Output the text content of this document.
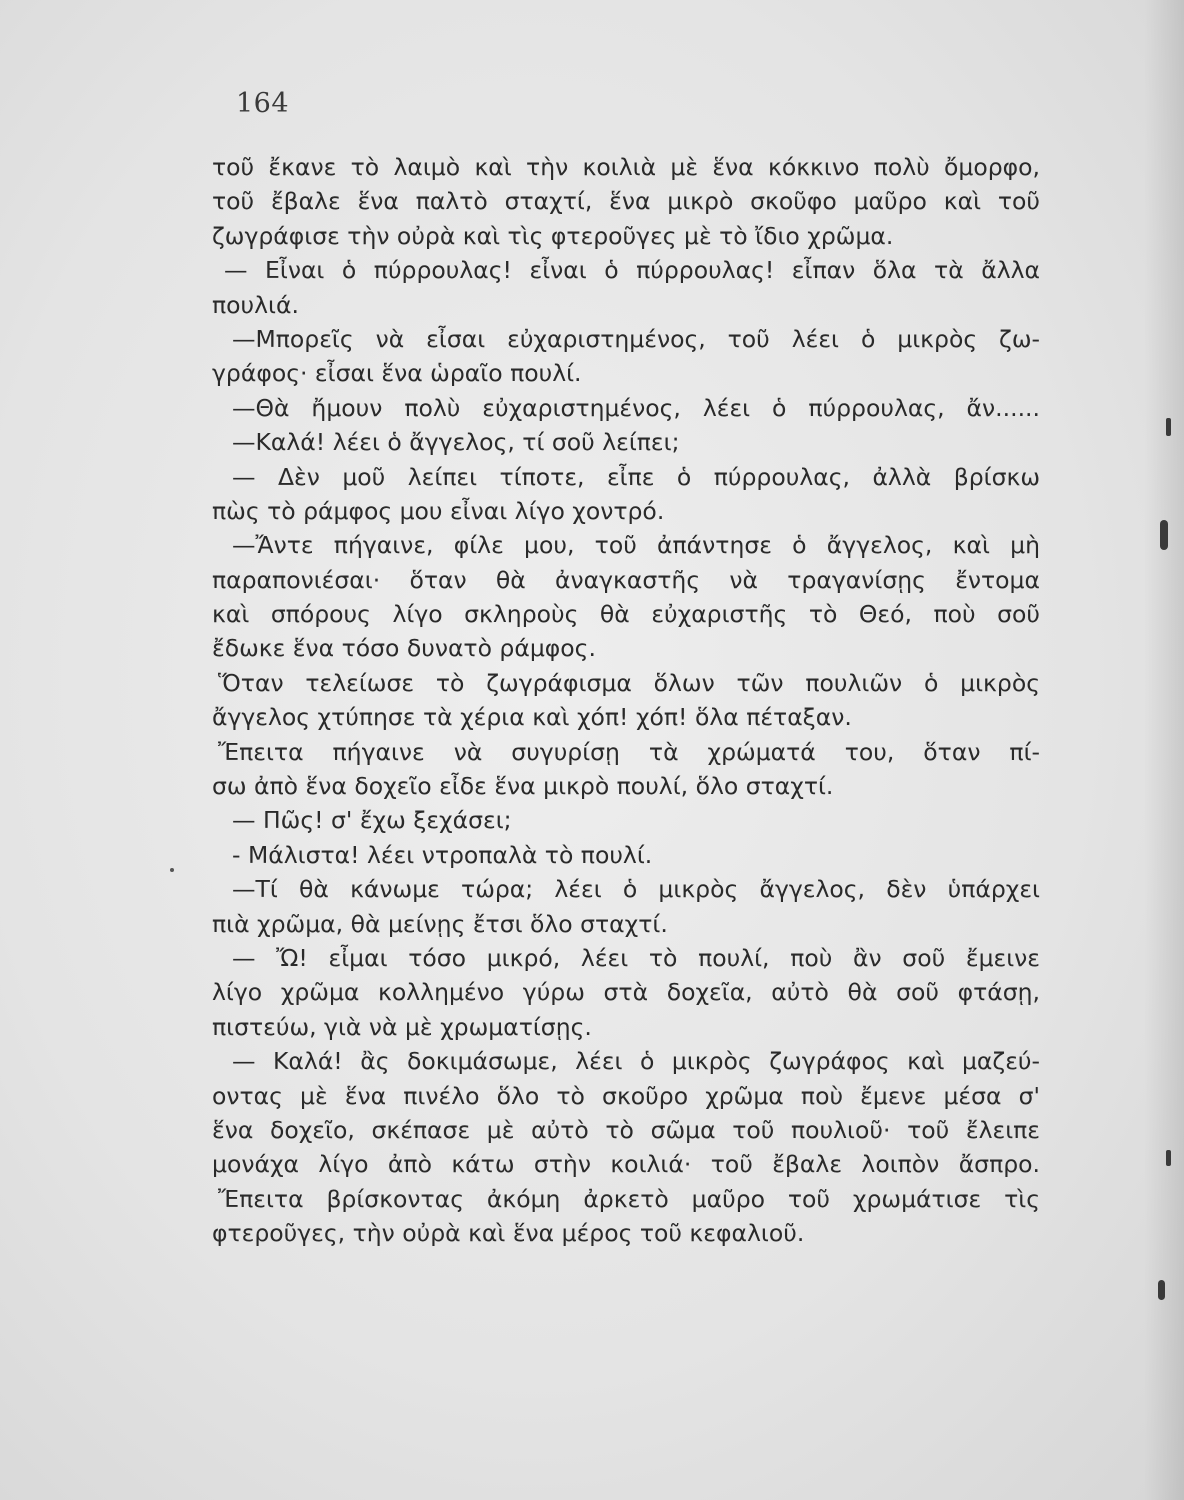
164
τοῦ ἔκανε τὸ λαιμὸ καὶ τὴν κοιλιὰ μὲ ἕνα κόκκινο πολὺ ὄμορφο,
τοῦ ἔβαλε ἕνα παλτὸ σταχτί, ἕνα μικρὸ σκοῦφο μαῦρο καὶ τοῦ
ζωγράφισε τὴν οὐρὰ καὶ τὶς φτεροῦγες μὲ τὸ ἴδιο χρῶμα.
— Εἶναι ὁ πύρρουλας! εἶναι ὁ πύρρουλας! εἶπαν ὅλα τὰ ἄλλα
πουλιά.
—Μπορεῖς νὰ εἶσαι εὐχαριστημένος, τοῦ λέει ὁ μικρὸς ζω-
γράφος· εἶσαι ἕνα ὡραῖο πουλί.
—Θὰ ἤμουν πολὺ εὐχαριστημένος, λέει ὁ πύρρουλας, ἄν......
—Καλά! λέει ὁ ἄγγελος, τί σοῦ λείπει;
— Δὲν μοῦ λείπει τίποτε, εἶπε ὁ πύρρουλας, ἀλλὰ βρίσκω
πὼς τὸ ράμφος μου εἶναι λίγο χοντρό.
—Ἄντε πήγαινε, φίλε μου, τοῦ ἀπάντησε ὁ ἄγγελος, καὶ μὴ
παραπονιέσαι· ὅταν θὰ ἀναγκαστῆς νὰ τραγανίσῃς ἔντομα
καὶ σπόρους λίγο σκληροὺς θὰ εὐχαριστῆς τὸ Θεό, ποὺ σοῦ
ἔδωκε ἕνα τόσο δυνατὸ ράμφος.
Ὅταν τελείωσε τὸ ζωγράφισμα ὅλων τῶν πουλιῶν ὁ μικρὸς
ἄγγελος χτύπησε τὰ χέρια καὶ χόπ! χόπ! ὅλα πέταξαν.
Ἔπειτα πήγαινε νὰ συγυρίσῃ τὰ χρώματά του, ὅταν πί-
σω ἀπὸ ἕνα δοχεῖο εἶδε ἕνα μικρὸ πουλί, ὅλο σταχτί.
— Πῶς! σ' ἔχω ξεχάσει;
- Μάλιστα! λέει ντροπαλὰ τὸ πουλί.
—Τί θὰ κάνωμε τώρα; λέει ὁ μικρὸς ἄγγελος, δὲν ὑπάρχει
πιὰ χρῶμα, θὰ μείνῃς ἔτσι ὅλο σταχτί.
— Ὤ! εἶμαι τόσο μικρό, λέει τὸ πουλί, ποὺ ἂν σοῦ ἔμεινε
λίγο χρῶμα κολλημένο γύρω στὰ δοχεῖα, αὐτὸ θὰ σοῦ φτάσῃ,
πιστεύω, γιὰ νὰ μὲ χρωματίσῃς.
— Καλά! ἂς δοκιμάσωμε, λέει ὁ μικρὸς ζωγράφος καὶ μαζεύ-
οντας μὲ ἕνα πινέλο ὅλο τὸ σκοῦρο χρῶμα ποὺ ἔμενε μέσα σ'
ἕνα δοχεῖο, σκέπασε μὲ αὐτὸ τὸ σῶμα τοῦ πουλιοῦ· τοῦ ἔλειπε
μονάχα λίγο ἀπὸ κάτω στὴν κοιλιά· τοῦ ἔβαλε λοιπὸν ἄσπρο.
Ἔπειτα βρίσκοντας ἀκόμη ἀρκετὸ μαῦρο τοῦ χρωμάτισε τὶς
φτεροῦγες, τὴν οὐρὰ καὶ ἕνα μέρος τοῦ κεφαλιοῦ.
